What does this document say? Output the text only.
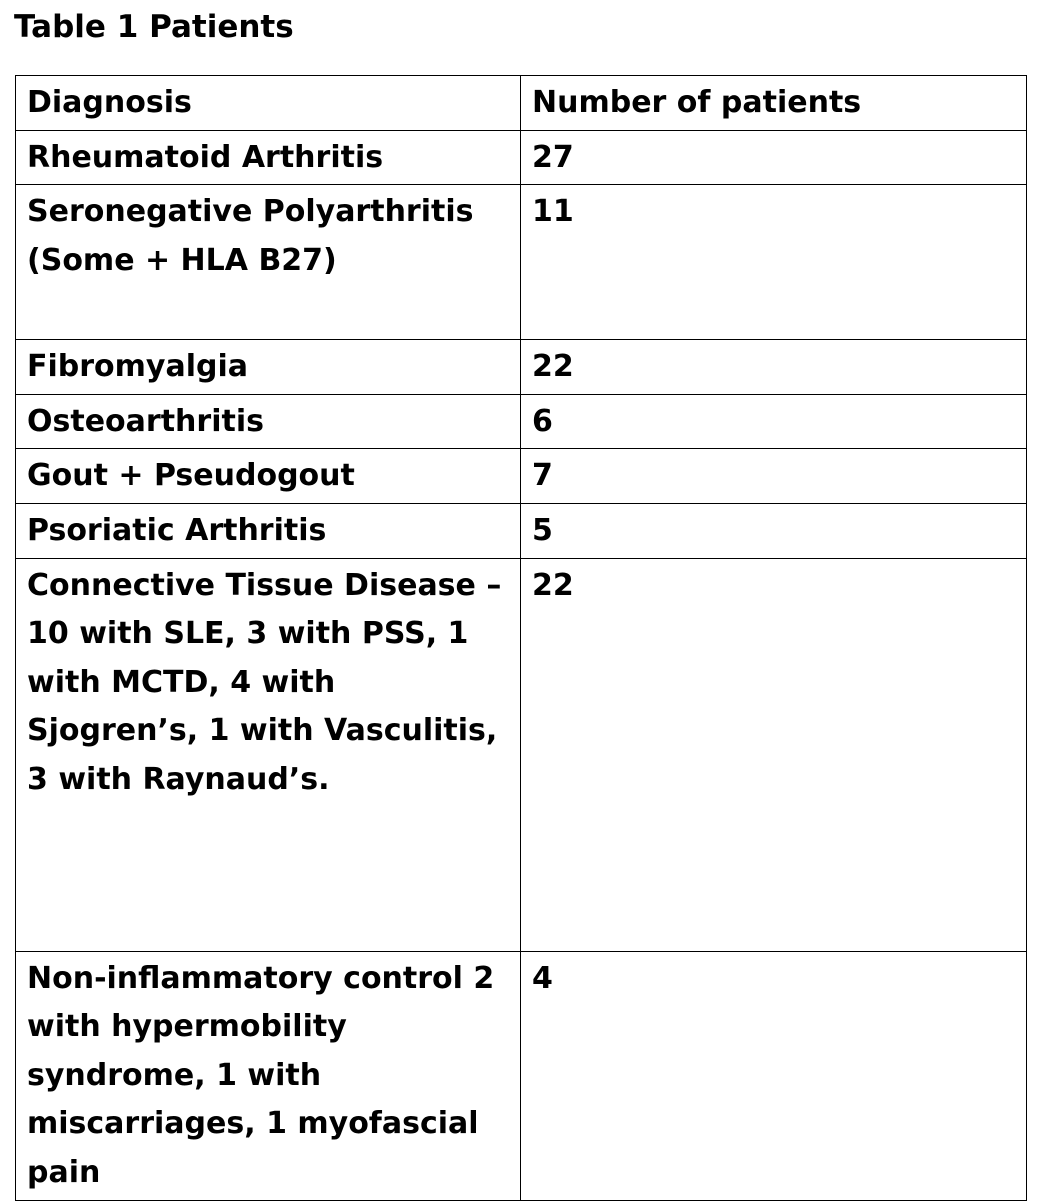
Table 1 Patients
Diagnosis	Number of patients
Rheumatoid Arthritis	27
Seronegative Polyarthritis (Some + HLA B27)	11
Fibromyalgia	22
Osteoarthritis	6
Gout + Pseudogout	7
Psoriatic Arthritis	5
Connective Tissue Disease – 10 with SLE, 3 with PSS, 1 with MCTD, 4 with Sjogren’s, 1 with Vasculitis, 3 with Raynaud’s.	22
Non-inflammatory control 2 with hypermobility syndrome, 1 with miscarriages, 1 myofascial pain	4
